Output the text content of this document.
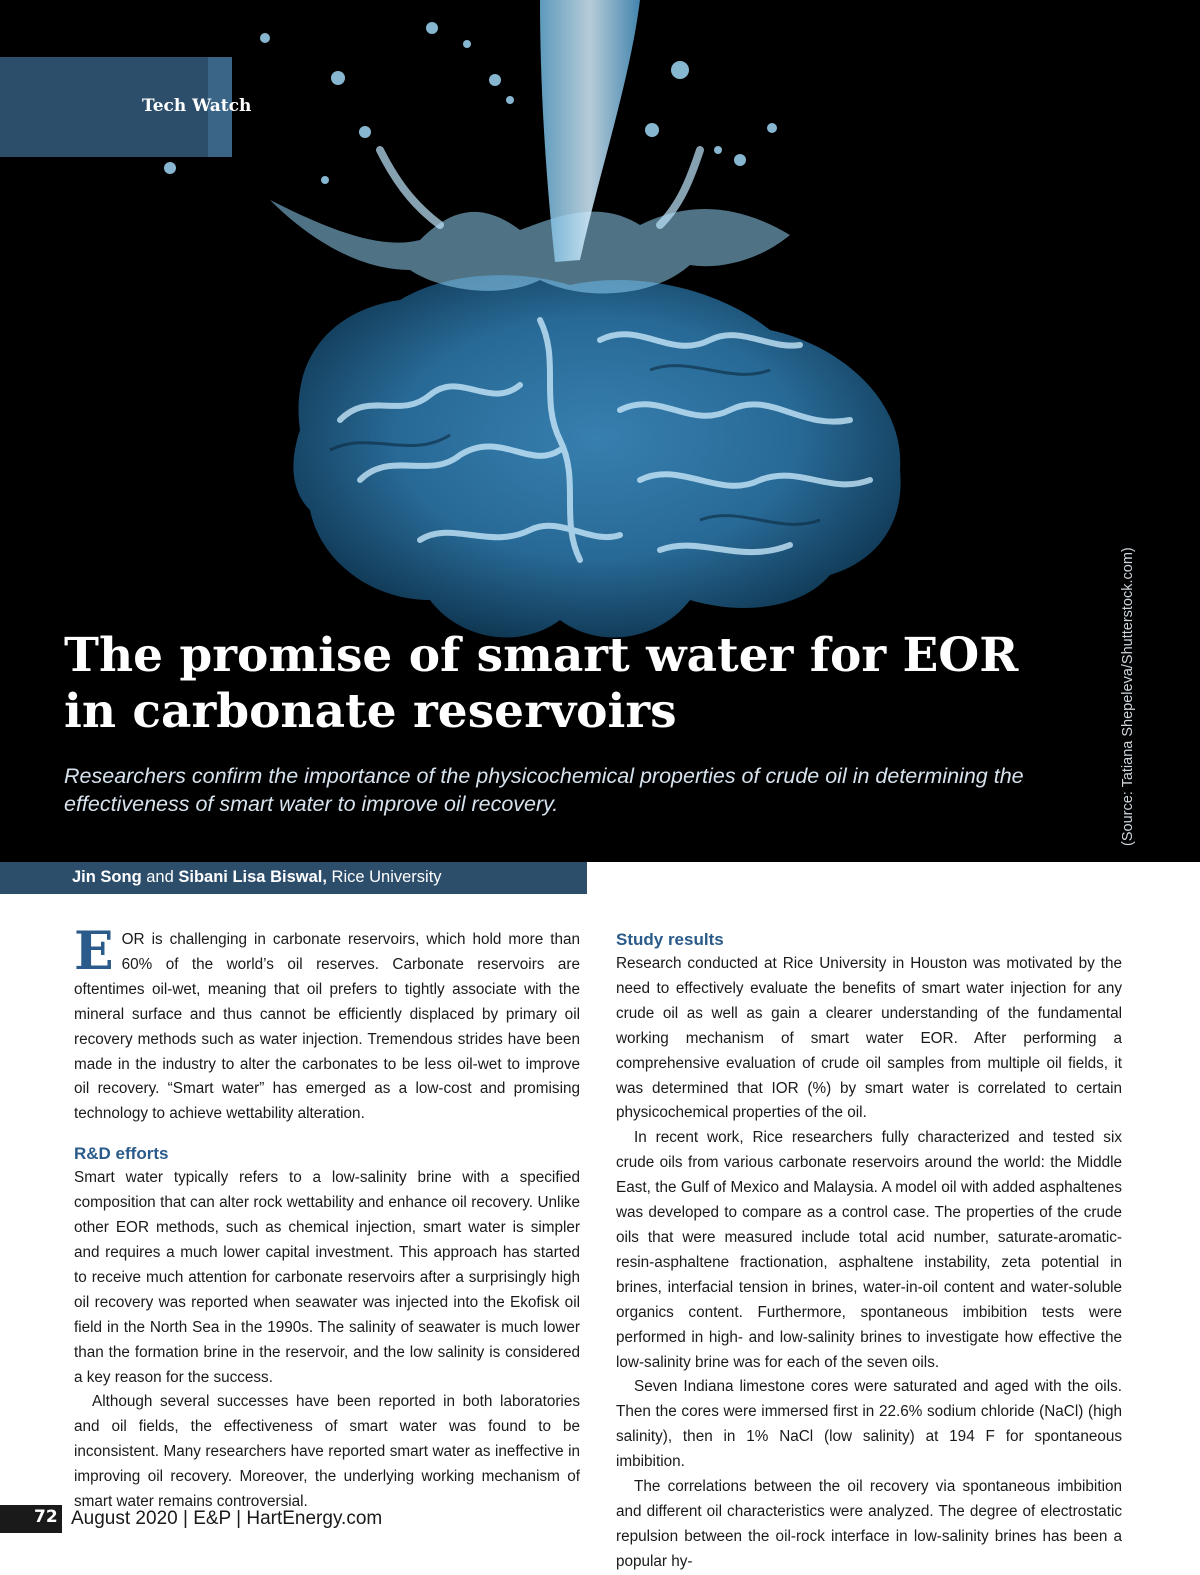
Tech Watch
The promise of smart water for EOR in carbonate reservoirs

Researchers confirm the importance of the physicochemical properties of crude oil in determining the effectiveness of smart water to improve oil recovery.	(Source: Tatiana Shepeleva/Shutterstock.com)
Jin Song and Sibani Lisa Biswal, Rice University

EOR is challenging in carbonate reservoirs, which hold more than 60% of the world’s oil reserves. Carbonate reservoirs are oftentimes oil-wet, meaning that oil prefers to tightly associate with the mineral surface and thus cannot be efficiently displaced by primary oil recovery methods such as water injection. Tremendous strides have been made in the industry to alter the carbonates to be less oil-wet to improve oil recovery. “Smart water” has emerged as a low-cost and promising technology to achieve wettability alteration.

R&D efforts

Smart water typically refers to a low-salinity brine with a specified composition that can alter rock wettability and enhance oil recovery. Unlike other EOR methods, such as chemical injection, smart water is simpler and requires a much lower capital investment. This approach has started to receive much attention for carbonate reservoirs after a surprisingly high oil recovery was reported when seawater was injected into the Ekofisk oil field in the North Sea in the 1990s. The salinity of seawater is much lower than the formation brine in the reservoir, and the low salinity is considered a key reason for the success.

Although several successes have been reported in both laboratories and oil fields, the effectiveness of smart water was found to be inconsistent. Many researchers have reported smart water as ineffective in improving oil recovery. Moreover, the underlying working mechanism of smart water remains controversial.

Study results

Research conducted at Rice University in Houston was motivated by the need to effectively evaluate the benefits of smart water injection for any crude oil as well as gain a clearer understanding of the fundamental working mechanism of smart water EOR. After performing a comprehensive evaluation of crude oil samples from multiple oil fields, it was determined that IOR (%) by smart water is correlated to certain physicochemical properties of the oil.

In recent work, Rice researchers fully characterized and tested six crude oils from various carbonate reservoirs around the world: the Middle East, the Gulf of Mexico and Malaysia. A model oil with added asphaltenes was developed to compare as a control case. The properties of the crude oils that were measured include total acid number, saturate-aromatic-resin-asphaltene fractionation, asphaltene instability, zeta potential in brines, interfacial tension in brines, water-in-oil content and water-soluble organics content. Furthermore, spontaneous imbibition tests were performed in high- and low-salinity brines to investigate how effective the low-salinity brine was for each of the seven oils.

Seven Indiana limestone cores were saturated and aged with the oils. Then the cores were immersed first in 22.6% sodium chloride (NaCl) (high salinity), then in 1% NaCl (low salinity) at 194 F for spontaneous imbibition.

The correlations between the oil recovery via spontaneous imbibition and different oil characteristics were analyzed. The degree of electrostatic repulsion between the oil-rock interface in low-salinity brines has been a popular hy-

72 August 2020 | E&P | HartEnergy.com
